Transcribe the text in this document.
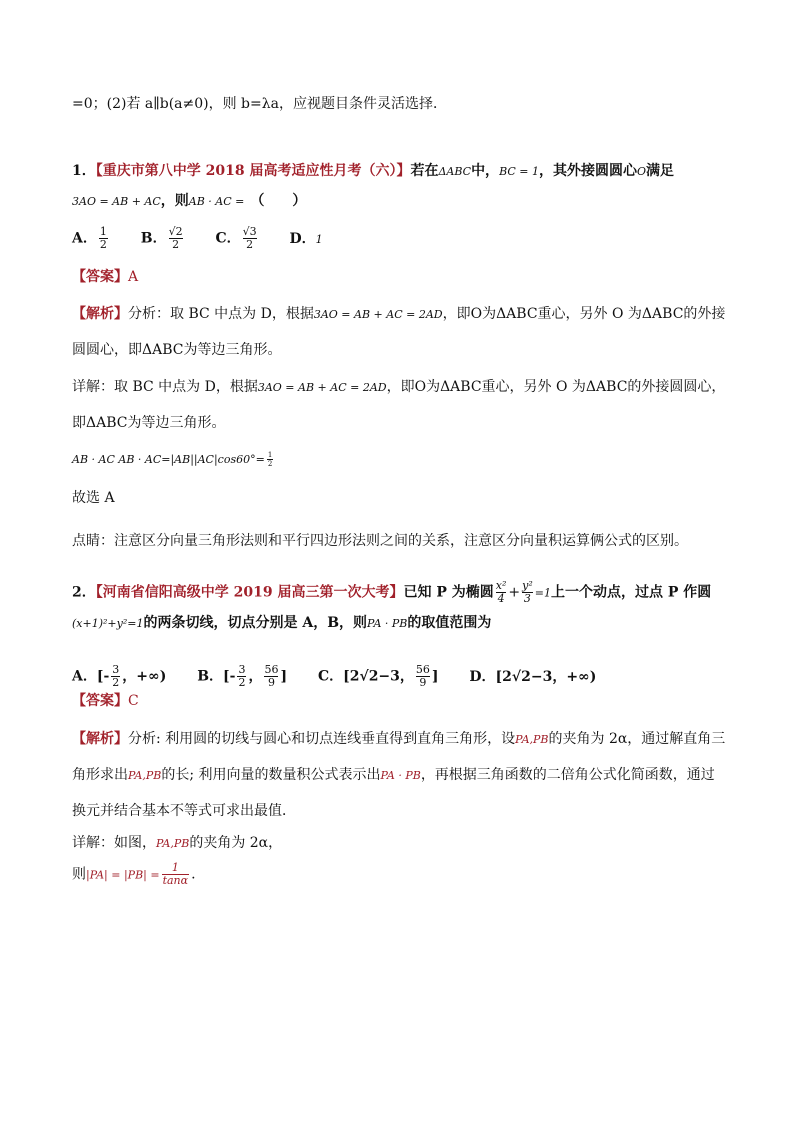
=0；(2)若 a∥b(a≠0)，则 b=λa，应视题目条件灵活选择．
1．【重庆市第八中学 2018 届高考适应性月考（六）】若在ΔABC中，BC = 1，其外接圆圆心O满足
3AO = AB + AC，则AB · AC = （　　）
A． $\frac{1}{2}$ B． $\frac{√2}{2}$ C． $\frac{√3}{2}$ D．1
【答案】A
【解析】分析：取 BC 中点为 D，根据3AO = AB + AC = 2AD，即O为ΔABC重心，另外 O 为ΔABC的外接
圆圆心，即ΔABC为等边三角形。
详解：取 BC 中点为 D，根据3AO = AB + AC = 2AD，即O为ΔABC重心，另外 O 为ΔABC的外接圆圆心，
即ΔABC为等边三角形。
AB · AC AB · $AC=|AB||AC|\cos 60^\circ= \frac{1}{2}$
故选 A
点睛：注意区分向量三角形法则和平行四边形法则之间的关系，注意区分向量积运算俩公式的区别。
2．【河南省信阳高级中学 2019 届高三第一次大考】已知 P 为椭圆 $\frac{\text{x²}}{4} + \frac{\text{y²}}{3} =1$上一个动点，过点 P 作圆
(x+1)²+y²=1的两条切线，切点分别是 A，B，则PA · PB的取值范围为
A．[- $\frac{3}{2}$ ，+∞) B．[- $\frac{3}{2}$ ， $\frac{56}{9}$ ] C．[2√2−3， $\frac{56}{9}$ ] D．[2√2−3，+∞)
【答案】C
【解析】分析: 利用圆的切线与圆心和切点连线垂直得到直角三角形，设PA,PB的夹角为 2α，通过解直角三
角形求出PA,PB的长; 利用向量的数量积公式表示出PA · PB，再根据三角函数的二倍角公式化简函数，通过
换元并结合基本不等式可求出最值．
详解：如图，PA,PB的夹角为 2α，
则$|PA| = |PB| = \frac{1}{\tan\alpha}$ .
